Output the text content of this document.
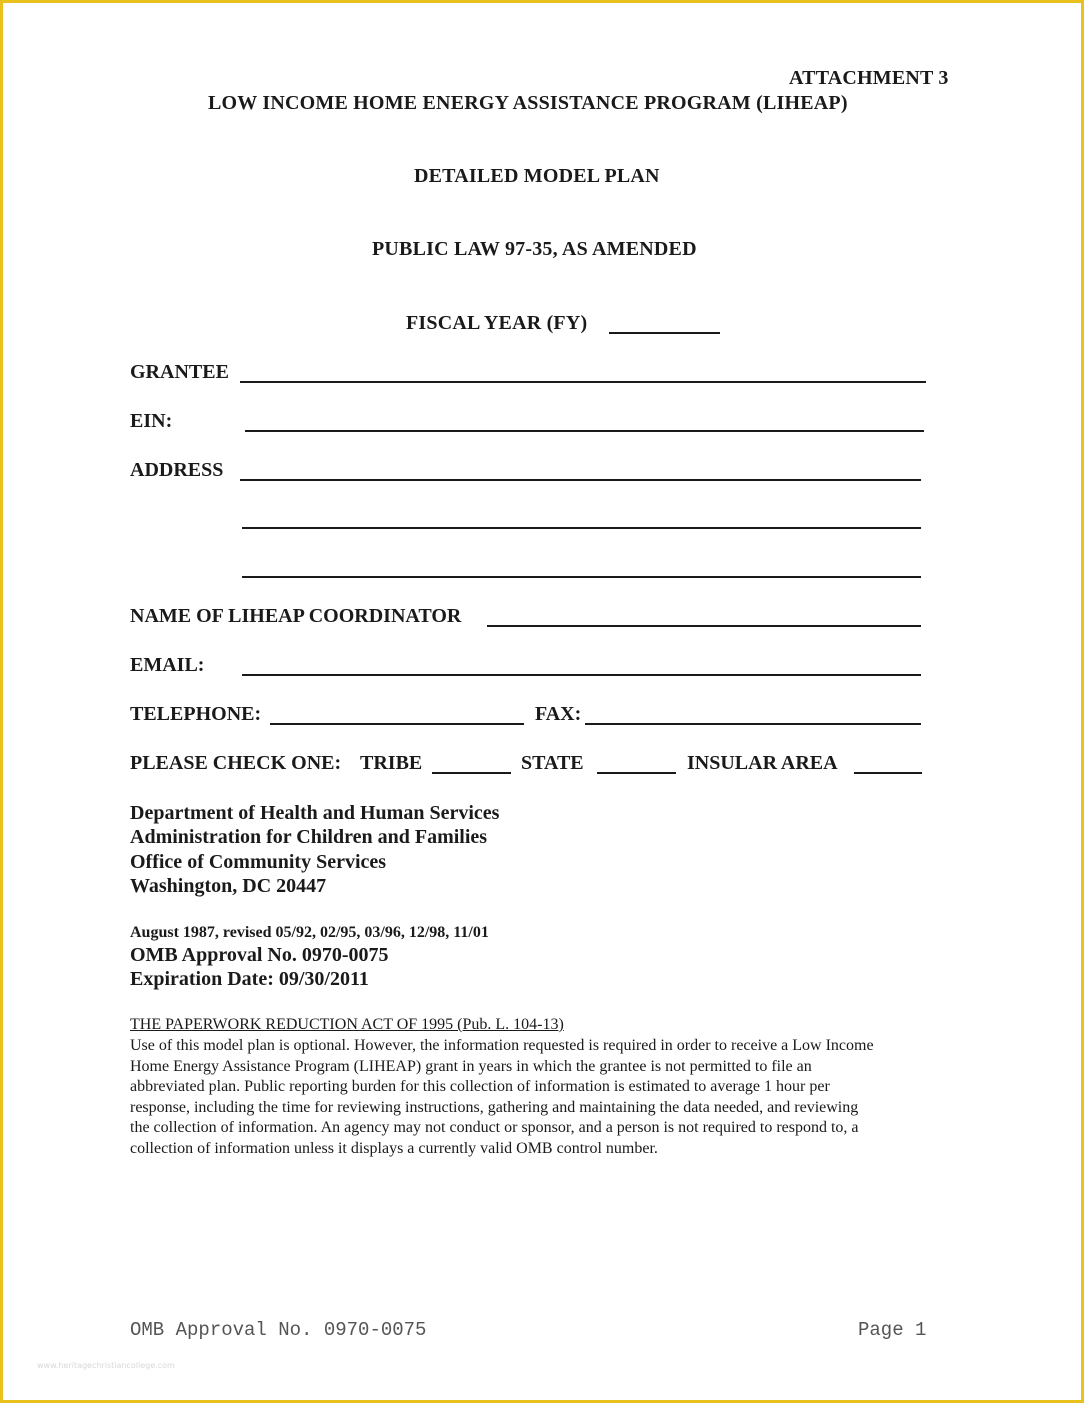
ATTACHMENT 3
LOW INCOME HOME ENERGY ASSISTANCE PROGRAM (LIHEAP)
DETAILED MODEL PLAN
PUBLIC LAW 97-35, AS AMENDED
FISCAL YEAR (FY)
GRANTEE
EIN:
ADDRESS
NAME OF LIHEAP COORDINATOR
EMAIL:
TELEPHONE:	FAX:
PLEASE CHECK ONE: TRIBE	STATE	INSULAR AREA
Department of Health and Human Services
Administration for Children and Families
Office of Community Services
Washington, DC 20447
August 1987, revised 05/92, 02/95, 03/96, 12/98, 11/01
OMB Approval No. 0970-0075
Expiration Date: 09/30/2011
THE PAPERWORK REDUCTION ACT OF 1995 (Pub. L. 104-13)
Use of this model plan is optional. However, the information requested is required in order to receive a Low Income
Home Energy Assistance Program (LIHEAP) grant in years in which the grantee is not permitted to file an
abbreviated plan. Public reporting burden for this collection of information is estimated to average 1 hour per
response, including the time for reviewing instructions, gathering and maintaining the data needed, and reviewing
the collection of information. An agency may not conduct or sponsor, and a person is not required to respond to, a
collection of information unless it displays a currently valid OMB control number.
OMB Approval No. 0970-0075	Page 1
www.heritagechristiancollege.com
